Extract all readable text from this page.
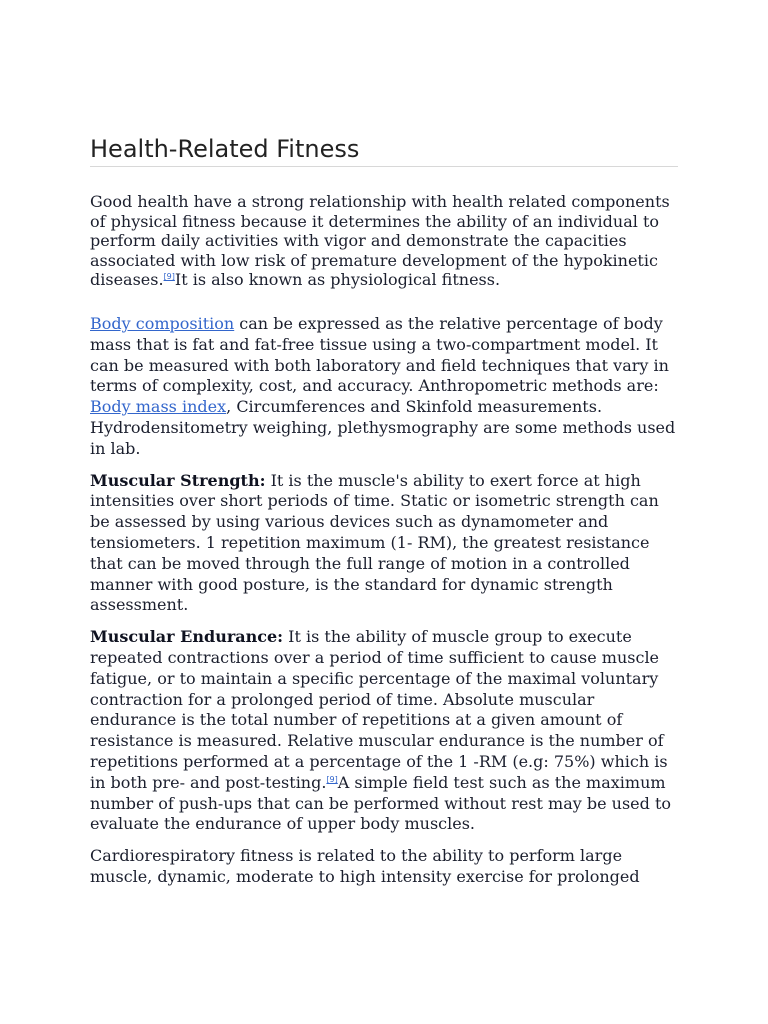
Health-Related Fitness

Good health have a strong relationship with health related components of physical fitness because it determines the ability of an individual to perform daily activities with vigor and demonstrate the capacities associated with low risk of premature development of the hypokinetic diseases.[9]It is also known as physiological fitness.

Body composition can be expressed as the relative percentage of body mass that is fat and fat-free tissue using a two-compartment model. It can be measured with both laboratory and field techniques that vary in terms of complexity, cost, and accuracy. Anthropometric methods are: Body mass index, Circumferences and Skinfold measurements. Hydrodensitometry weighing, plethysmography are some methods used in lab.

Muscular Strength: It is the muscle's ability to exert force at high intensities over short periods of time. Static or isometric strength can be assessed by using various devices such as dynamometer and tensiometers. 1 repetition maximum (1- RM), the greatest resistance that can be moved through the full range of motion in a controlled manner with good posture, is the standard for dynamic strength assessment.

Muscular Endurance: It is the ability of muscle group to execute repeated contractions over a period of time sufficient to cause muscle fatigue, or to maintain a specific percentage of the maximal voluntary contraction for a prolonged period of time. Absolute muscular endurance is the total number of repetitions at a given amount of resistance is measured. Relative muscular endurance is the number of repetitions performed at a percentage of the 1 -RM (e.g: 75%) which is in both pre- and post-testing.[9]A simple field test such as the maximum number of push-ups that can be performed without rest may be used to evaluate the endurance of upper body muscles.

Cardiorespiratory fitness is related to the ability to perform large muscle, dynamic, moderate to high intensity exercise for prolonged
